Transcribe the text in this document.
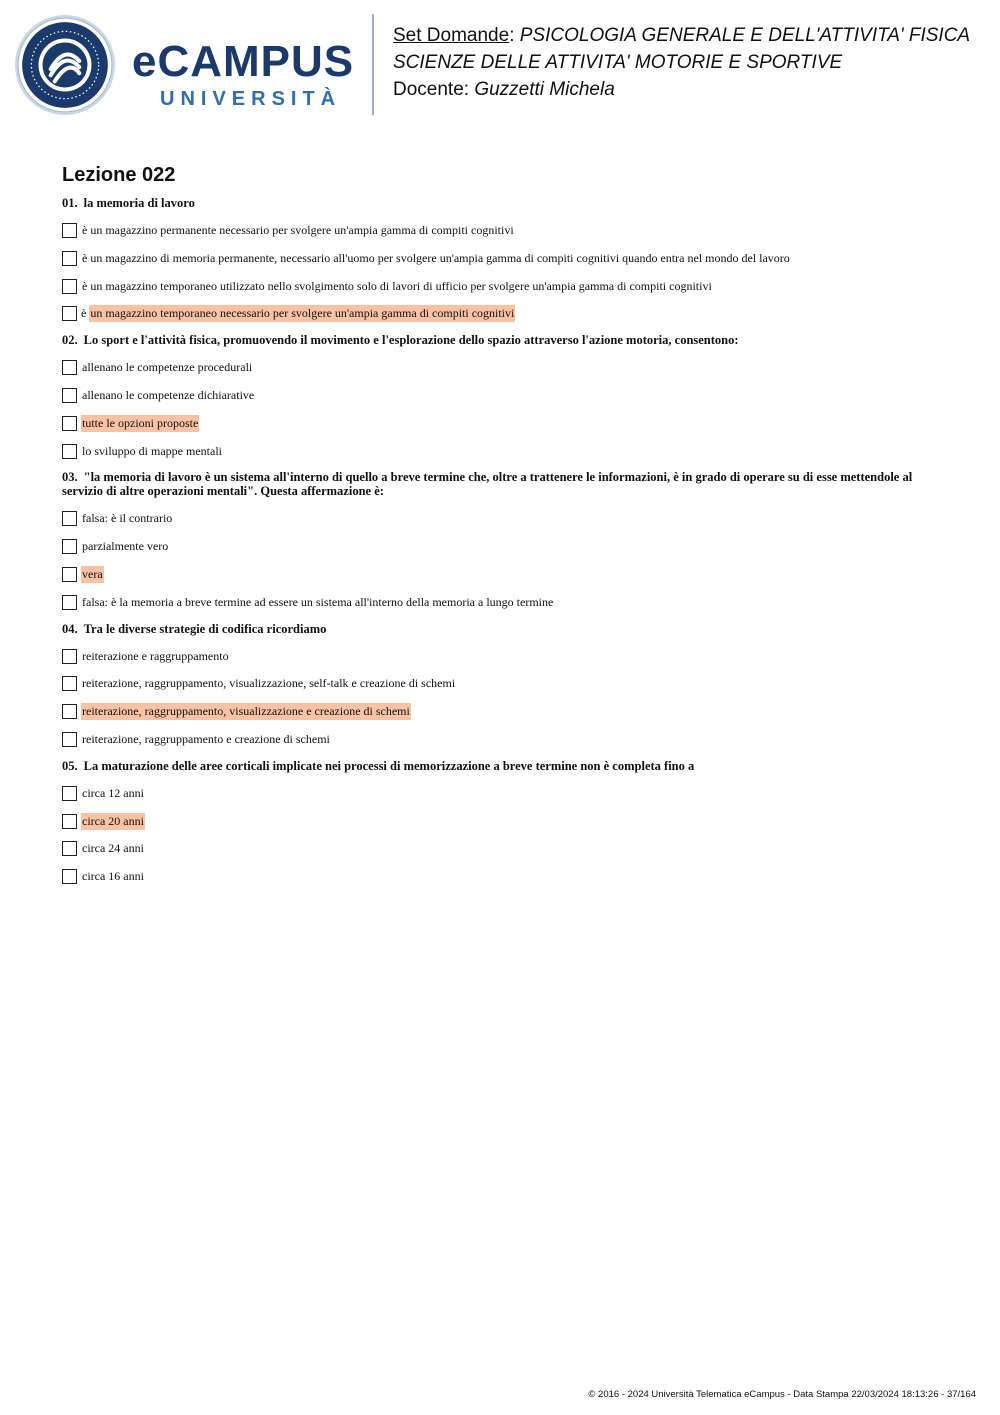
eCAMPUS
UNIVERSITÀ
Set Domande: PSICOLOGIA GENERALE E DELL'ATTIVITA' FISICA
SCIENZE DELLE ATTIVITA' MOTORIE E SPORTIVE
Docente: Guzzetti Michela
Lezione 022
01. la memoria di lavoro
è un magazzino permanente necessario per svolgere un'ampia gamma di compiti cognitivi
è un magazzino di memoria permanente, necessario all'uomo per svolgere un'ampia gamma di compiti cognitivi quando entra nel mondo del lavoro
è un magazzino temporaneo utilizzato nello svolgimento solo di lavori di ufficio per svolgere un'ampia gamma di compiti cognitivi
è un magazzino temporaneo necessario per svolgere un'ampia gamma di compiti cognitivi
02. Lo sport e l'attività fisica, promuovendo il movimento e l'esplorazione dello spazio attraverso l'azione motoria, consentono:
allenano le competenze procedurali
allenano le competenze dichiarative
tutte le opzioni proposte
lo sviluppo di mappe mentali
03. "la memoria di lavoro è un sistema all'interno di quello a breve termine che, oltre a trattenere le informazioni, è in grado di operare su di esse mettendole al servizio di altre operazioni mentali". Questa affermazione è:
falsa: è il contrario
parzialmente vero
vera
falsa: è la memoria a breve termine ad essere un sistema all'interno della memoria a lungo termine
04. Tra le diverse strategie di codifica ricordiamo
reiterazione e raggruppamento
reiterazione, raggruppamento, visualizzazione, self-talk e creazione di schemi
reiterazione, raggruppamento, visualizzazione e creazione di schemi
reiterazione, raggruppamento e creazione di schemi
05. La maturazione delle aree corticali implicate nei processi di memorizzazione a breve termine non è completa fino a
circa 12 anni
circa 20 anni
circa 24 anni
circa 16 anni
© 2016 - 2024 Università Telematica eCampus - Data Stampa 22/03/2024 18:13:26 - 37/164
